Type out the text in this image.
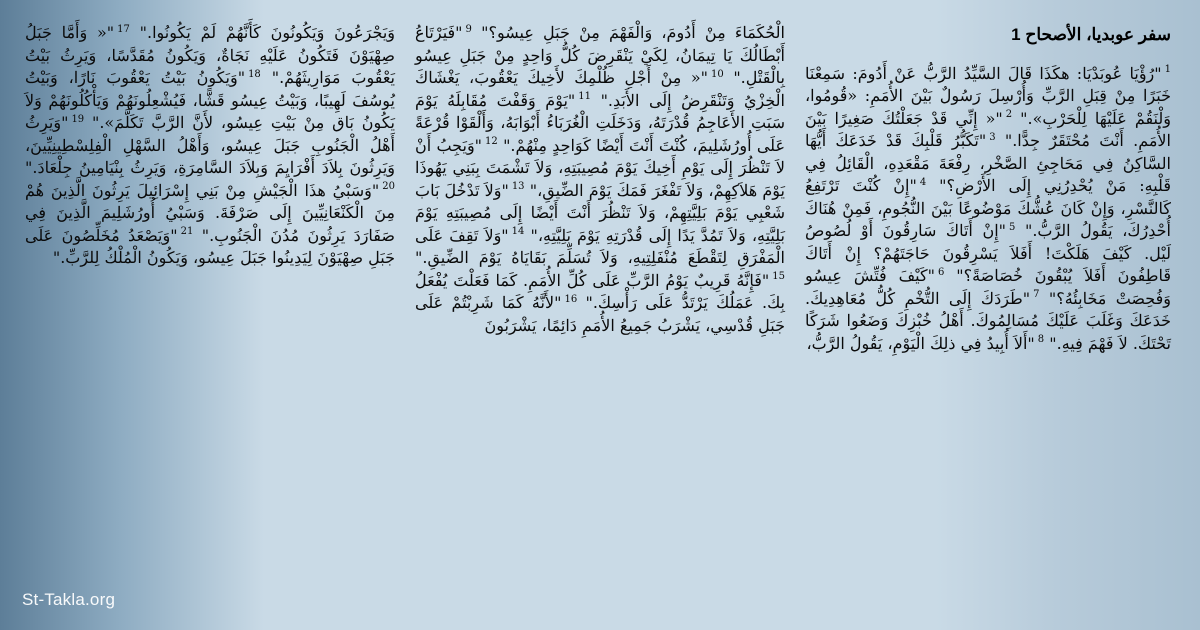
سفر عوبديا، الأصحاح 1
$^1$"رُؤْيَا عُوبَدْيَا: هكَذَا قَالَ السَّيِّدُ الرَّبُّ عَنْ أَدُومَ: سَمِعْنَا خَبَرًا مِنْ قِبَلِ الرَّبِّ وَأُرْسِلَ رَسُولٌ بَيْنَ الأُمَمِ: «قُومُوا، وَلْنَقُمْ عَلَيْهَا لِلْحَرْبِ»." $^2$"« إِنِّي قَدْ جَعَلْتُكَ صَغِيرًا بَيْنَ الأُمَمِ. أَنْتَ مُحْتَقَرٌ جِدًّا." $^3$"تَكَبُّرُ قَلْبِكَ قَدْ خَدَعَكَ أَيُّهَا السَّاكِنُ فِي مَحَاجِئِ الصَّخْرِ، رِفْعَةَ مَقْعَدِهِ، الْقَائِلُ فِي قَلْبِهِ: مَنْ يُحْدِرُنِي إِلَى الأَرْضِ؟" $^4$"إِنْ كُنْتَ تَرْتَفِعُ كَالنَّسْرِ، وَإِنْ كَانَ عُشُّكَ مَوْضُوعًا بَيْنَ النُّجُومِ، فَمِنْ هُنَاكَ أُحْدِرُكَ، يَقُولُ الرَّبُّ." $^5$"إِنْ أَتَاكَ سَارِقُونَ أَوْ لُصُوصُ لَيْل. كَيْفَ هَلَكْتَ! أَفَلاَ يَسْرِقُونَ حَاجَتَهُمْ؟ إِنْ أَتَاكَ قَاطِفُونَ أَفَلاَ يُبْقُونَ خُصَاصَةً؟" $^6$"كَيْفَ فُتِّشَ عِيسُو وَفُحِصَتْ مَخَابِئُهُ؟" $^7$"طَرَدَكَ إِلَى التُّخْمِ كُلُّ مُعَاهِدِيكَ. خَدَعَكَ وَغَلَبَ عَلَيْكَ مُسَالِمُوكَ. أَهْلُ خُبْزِكَ وَضَعُوا شَرَكًا تَحْتَكَ. لاَ فَهْمَ فِيهِ." $^8$"أَلاَ أُبِيدُ فِي ذلِكَ الْيَوْمِ، يَقُولُ الرَّبُّ،
الْحُكَمَاءَ مِنْ أَدُومَ، وَالْفَهْمَ مِنْ جَبَلِ عِيسُو؟" $^9$"فَيَرْتَاعُ أَبْطَالُكَ يَا تِيمَانُ، لِكَيْ يَنْقَرِضَ كُلُّ وَاحِدٍ مِنْ جَبَلِ عِيسُو بِالْقَتْلِ." $^{10}$"« مِنْ أَجْلِ ظُلْمِكَ لأَخِيكَ يَعْقُوبَ، يَغْشَاكَ الْخِزْيُ وَتَنْقَرِضُ إِلَى الأَبَدِ." $^{11}$"يَوْمَ وَقَفْتَ مُقَابِلَهُ يَوْمَ سَبَتِ الأَعَاجِمُ قُدْرَتَهُ، وَدَخَلَتِ الْغُرَبَاءُ أَبْوَابَهُ، وَأَلْقَوْا قُرْعَةً عَلَى أُورُشَلِيمَ، كُنْتَ أَنْتَ أَيْضًا كَوَاحِدٍ مِنْهُمْ." $^{12}$"وَيَجِبُ أَنْ لاَ تَنْظُرَ إِلَى يَوْمِ أَخِيكَ يَوْمَ مُصِيبَتِهِ، وَلاَ تَشْمَتَ بِبَنِي يَهُوذَا يَوْمَ هَلاَكِهِمْ، وَلاَ تَفْغَرَ فَمَكَ يَوْمَ الضِّيقِ،" $^{13}$"وَلاَ تَدْخُلَ بَابَ شَعْبِي يَوْمَ بَلِيَّتِهِمْ، وَلاَ تَنْظُرَ أَنْتَ أَيْضًا إِلَى مُصِيبَتِهِ يَوْمَ بَلِيَّتِهِ، وَلاَ تَمُدَّ يَدًا إِلَى قُدْرَتِهِ يَوْمَ بَلِيَّتِهِ،" $^{14}$"وَلاَ تَقِفَ عَلَى الْمَفْرَقِ لِتَقْطَعَ مُنْفَلِتِيهِ، وَلاَ تُسَلِّمَ بَقَايَاهُ يَوْمَ الضِّيقِ." $^{15}$"فَإِنَّهُ قَرِيبٌ يَوْمُ الرَّبِّ عَلَى كُلِّ الأُمَمِ. كَمَا فَعَلْتَ يُفْعَلُ بِكَ. عَمَلُكَ يَرْتَدُّ عَلَى رَأْسِكَ." $^{16}$"لأَنَّهُ كَمَا شَرِبْتُمْ عَلَى جَبَلِ قُدْسِي، يَشْرَبُ جَمِيعُ الأُمَمِ دَائِمًا، يَشْرَبُونَ
وَيَجْرَعُونَ وَيَكُونُونَ كَأَنَّهُمْ لَمْ يَكُونُوا." $^{17}$"« وَأَمَّا جَبَلُ صِهْيَوْنَ فَتَكُونُ عَلَيْهِ نَجَاةٌ، وَيَكُونُ مُقَدَّسًا، وَيَرِثُ بَيْتُ يَعْقُوبَ مَوَارِيثَهُمْ." $^{18}$"وَيَكُونُ بَيْتُ يَعْقُوبَ نَارًا، وَبَيْتُ يُوسُفَ لَهِيبًا، وَبَيْتُ عِيسُو قَشًّا، فَيُشْعِلُونَهُمْ وَيَأْكُلُونَهُمْ وَلاَ يَكُونُ بَاق مِنْ بَيْتِ عِيسُو، لأَنَّ الرَّبَّ تَكَلَّمَ»." $^{19}$"وَيَرِثُ أَهْلُ الْجَنُوبِ جَبَلَ عِيسُو، وَأَهْلُ السَّهْلِ الْفِلِسْطِينِيِّينَ، وَيَرِثُونَ بِلاَدَ أَفْرَايِمَ وَبِلاَدَ السَّامِرَةِ، وَيَرِثُ بِنْيَامِينُ جِلْعَادَ." $^{20}$"وَسَبْيُ هذَا الْجَيْشِ مِنْ بَنِي إِسْرَائِيلَ يَرِثُونَ الَّذِينَ هُمْ مِنَ الْكَنْعَانِيِّينَ إِلَى صَرْفَةَ. وَسَبْيُ أُورُشَلِيمَ الَّذِينَ فِي صَفَارَدَ يَرِثُونَ مُدُنَ الْجَنُوبِ." $^{21}$"وَيَصْعَدُ مُخَلِّصُونَ عَلَى جَبَلِ صِهْيَوْنَ لِيَدِينُوا جَبَلَ عِيسُو، وَيَكُونُ الْمُلْكُ لِلرَّبِّ."
St-Takla.org
